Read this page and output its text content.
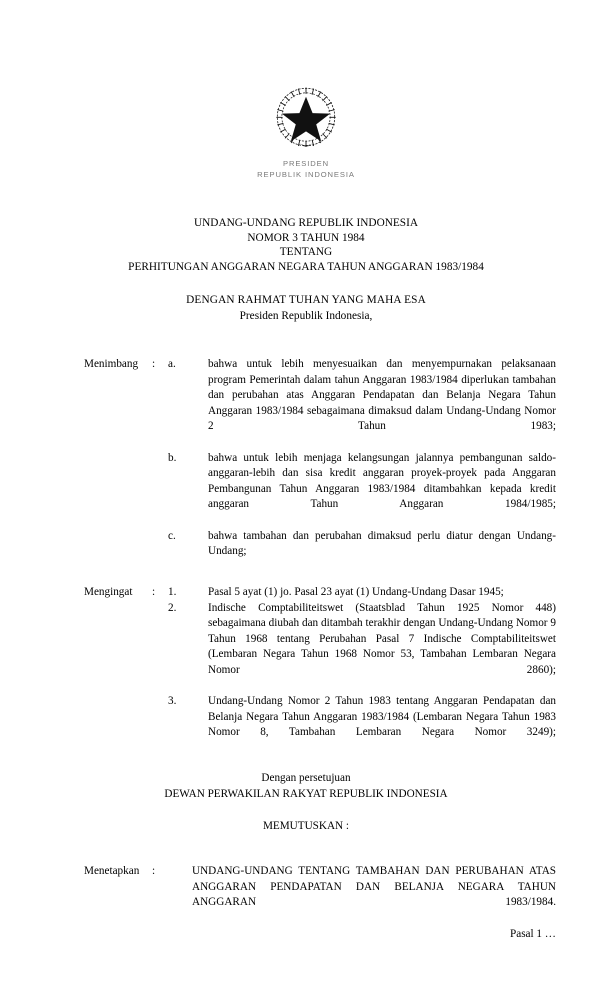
PRESIDEN
REPUBLIK INDONESIA
UNDANG-UNDANG REPUBLIK INDONESIA
NOMOR 3 TAHUN 1984
TENTANG
PERHITUNGAN ANGGARAN NEGARA TAHUN ANGGARAN 1983/1984
DENGAN RAHMAT TUHAN YANG MAHA ESA
Presiden Republik Indonesia,
Menimbang	: a.	bahwa untuk lebih menyesuaikan dan menyempurnakan pelaksanaan program Pemerintah dalam tahun Anggaran 1983/1984 diperlukan tambahan dan perubahan atas Anggaran Pendapatan dan Belanja Negara Tahun Anggaran 1983/1984 sebagaimana dimaksud dalam Undang-Undang Nomor 2 Tahun 1983;
b.	bahwa untuk lebih menjaga kelangsungan jalannya pembangunan saldo-anggaran-lebih dan sisa kredit anggaran proyek-proyek pada Anggaran Pembangunan Tahun Anggaran 1983/1984 ditambahkan kepada kredit anggaran Tahun Anggaran 1984/1985;
c.	bahwa tambahan dan perubahan dimaksud perlu diatur dengan Undang-Undang;
Mengingat	: 1.	Pasal 5 ayat (1) jo. Pasal 23 ayat (1) Undang-Undang Dasar 1945;
2.	Indische Comptabiliteitswet (Staatsblad Tahun 1925 Nomor 448) sebagaimana diubah dan ditambah terakhir dengan Undang-Undang Nomor 9 Tahun 1968 tentang Perubahan Pasal 7 Indische Comptabiliteitswet (Lembaran Negara Tahun 1968 Nomor 53, Tambahan Lembaran Negara Nomor 2860);
3.	Undang-Undang Nomor 2 Tahun 1983 tentang Anggaran Pendapatan dan Belanja Negara Tahun Anggaran 1983/1984 (Lembaran Negara Tahun 1983 Nomor 8, Tambahan Lembaran Negara Nomor 3249);
Dengan persetujuan
DEWAN PERWAKILAN RAKYAT REPUBLIK INDONESIA
MEMUTUSKAN :
Menetapkan	:	UNDANG-UNDANG TENTANG TAMBAHAN DAN PERUBAHAN ATAS ANGGARAN PENDAPATAN DAN BELANJA NEGARA TAHUN ANGGARAN 1983/1984.
Pasal 1 …
